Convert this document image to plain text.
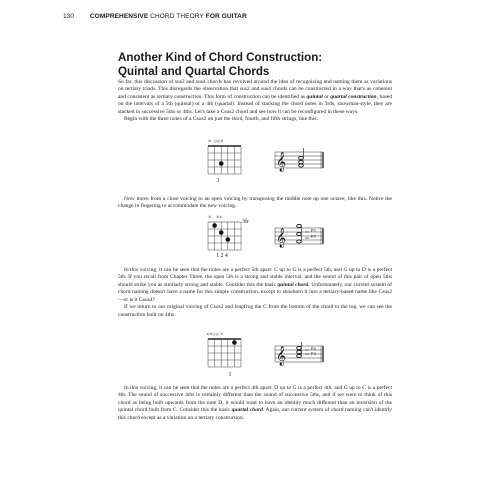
130 COMPREHENSIVE CHORD THEORY FOR GUITAR
Another Kind of Chord Construction:
Quintal and Quartal Chords

So far, this discussion of sus2 and sus4 chords has revolved around the idea of recognizing and naming them as variations on tertiary triads. This disregards the observation that sus2 and sus4 chords can be constructed in a way that's as coherent and consistent as tertiary construction. This form of construction can be identified as quintal or quartal construction, based on the intervals of a 5th (quintal) or a 4th (quartal). Instead of stacking the chord notes in 3rds, snowman-style, they are stacked in successive 5ths or 4ths. Let's take a Csus2 chord and see how it can be reconfigured in these ways.
Begin with the three notes of a Csus2 on just the third, fourth, and fifth strings, like this:

×  ○○×
3
𝄞

Now move from a close voicing to an open voicing by transposing the middle note up one octave, like this. Notice the change in fingering to accommodate the new voicing.

×    ××
3fr
1 2 4
𝄞	P5
P5

In this voicing, it can be seen that the notes are a perfect 5th apart: C up to G is a perfect 5th, and G up to D is a perfect 5th. If you recall from Chapter Three, the open 5th is a strong and stable interval, and the sound of this pair of open 5ths should strike you as similarly strong and stable. Consider this the basic quintal chord. Unfortunately, our current system of chord naming doesn't have a name for this simple construction, except to shoehorn it into a tertiary-based name like Csus2—or is it Gsus4?
If we return to our original voicing of Csus2 and leapfrog the C from the bottom of the chord to the top, we can see the construction built on 4ths.

××○○ ×
1
𝄞	P4
P4

In this voicing, it can be seen that the notes are a perfect 4th apart: D up to G is a perfect 4th, and G up to C is a perfect 4th. The sound of successive 4ths is certainly different than the sound of successive 5ths, and if we were to think of this chord as being built upwards from the note D, it would want to have an identity much different than an inversion of the quintal chord built from C. Consider this the basic quartal chord. Again, our current system of chord naming can't identify this chord except as a variation on a tertiary construction.
